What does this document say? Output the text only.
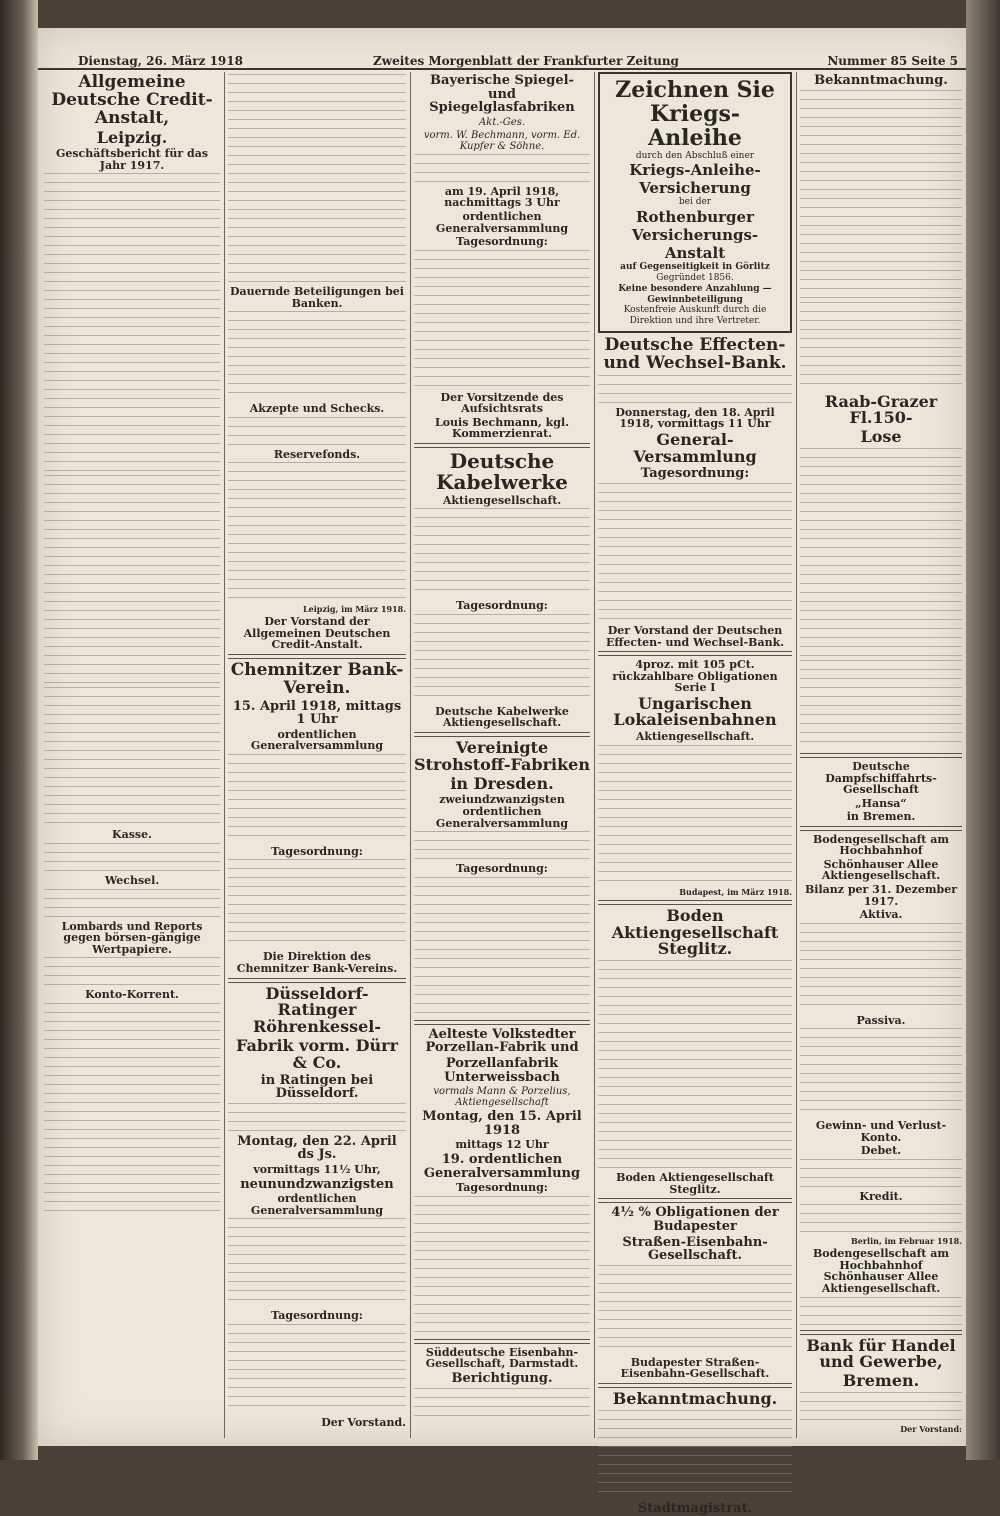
Dienstag, 26. März 1918	Zweites Morgenblatt der Frankfurter Zeitung	Nummer 85 Seite 5
Allgemeine Deutsche Credit-Anstalt,
Leipzig.
Geschäftsbericht für das Jahr 1917.
Kasse.
Wechsel.
Lombards und Reports gegen börsen-gängige Wertpapiere.
Konto-Korrent.
Dauernde Beteiligungen bei Banken.
Akzepte und Schecks.
Reservefonds.
Leipzig, im März 1918.
Der Vorstand der Allgemeinen Deutschen Credit-Anstalt.
Chemnitzer Bank-Verein.
15. April 1918, mittags 1 Uhr
ordentlichen Generalversammlung
Tagesordnung:
Die Direktion des Chemnitzer Bank-Vereins.
Düsseldorf-Ratinger Röhrenkessel-
Fabrik vorm. Dürr & Co.
in Ratingen bei Düsseldorf.
Montag, den 22. April ds Js.
vormittags 11½ Uhr,
neunundzwanzigsten
ordentlichen Generalversammlung
Tagesordnung:
Der Vorstand.
Bayerische Spiegel- und Spiegelglasfabriken
Akt.-Ges.
vorm. W. Bechmann, vorm. Ed. Kupfer & Söhne.
am 19. April 1918, nachmittags 3 Uhr
ordentlichen Generalversammlung
Tagesordnung:
Der Vorsitzende des Aufsichtsrats
Louis Bechmann, kgl. Kommerzienrat.
Deutsche Kabelwerke
Aktiengesellschaft.
Tagesordnung:
Deutsche Kabelwerke Aktiengesellschaft.
Vereinigte Strohstoff-Fabriken
in Dresden.
zweiundzwanzigsten ordentlichen Generalversammlung
Tagesordnung:
Aelteste Volkstedter Porzellan-Fabrik und
Porzellanfabrik Unterweissbach
vormals Mann & Porzelius, Aktiengesellschaft
Montag, den 15. April 1918
mittags 12 Uhr
19. ordentlichen Generalversammlung
Tagesordnung:
Süddeutsche Eisenbahn-Gesellschaft, Darmstadt.
Berichtigung.
Zeichnen Sie Kriegs-Anleihe
durch den Abschluß einer
Kriegs-Anleihe-Versicherung
bei der
Rothenburger Versicherungs-Anstalt
auf Gegenseitigkeit in Görlitz
Gegründet 1856.
Keine besondere Anzahlung — Gewinnbeteiligung
Kostenfreie Auskunft durch die Direktion und ihre Vertreter.
Deutsche Effecten- und Wechsel-Bank.
Donnerstag, den 18. April 1918, vormittags 11 Uhr
General-Versammlung
Tagesordnung:
Der Vorstand der Deutschen Effecten- und Wechsel-Bank.
4proz. mit 105 pCt. rückzahlbare Obligationen Serie I
Ungarischen Lokaleisenbahnen
Aktiengesellschaft.
Budapest, im März 1918.
Boden Aktiengesellschaft Steglitz.
Boden Aktiengesellschaft Steglitz.
4½ % Obligationen der Budapester
Straßen-Eisenbahn-Gesellschaft.
Budapester Straßen-Eisenbahn-Gesellschaft.
Bekanntmachung.
Stadtmagistrat.
Bekanntmachung.
Raab-Grazer Fl.150-
Lose
Deutsche Dampfschiffahrts-Gesellschaft
„Hansa“
in Bremen.
Bodengesellschaft am Hochbahnhof
Schönhauser Allee Aktiengesellschaft.
Bilanz per 31. Dezember 1917.
Aktiva.
Passiva.
Gewinn- und Verlust-Konto.
Debet.
Kredit.
Berlin, im Februar 1918.
Bodengesellschaft am Hochbahnhof Schönhauser Allee Aktiengesellschaft.
Bank für Handel und Gewerbe,
Bremen.
Der Vorstand:
